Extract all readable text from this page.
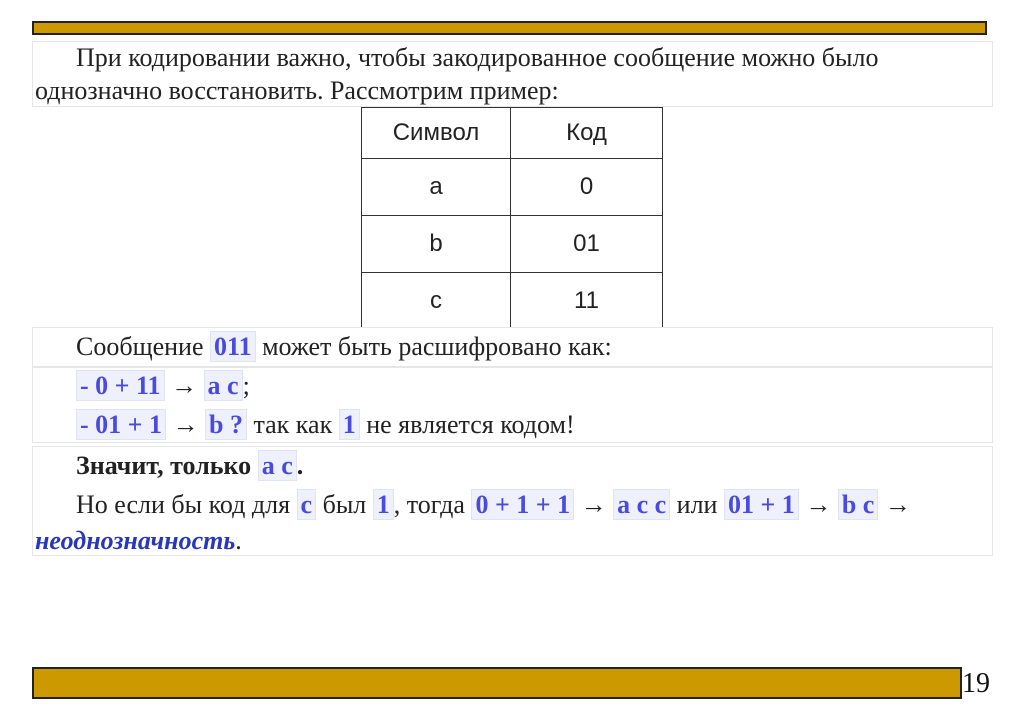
При кодировании важно, чтобы закодированное сообщение можно было
однозначно восстановить. Рассмотрим пример:
Символ	Код
a	0
b	01
c	11
Сообщение 011 может быть расшифровано как:
- 0 + 11 → a c ;
- 01 + 1 → b ? так как 1 не является кодом!
Значит, только a c .
Но если бы код для c был 1 , тогда 0 + 1 + 1 → a c c или 01 + 1 → b c →
неоднозначность.
19
